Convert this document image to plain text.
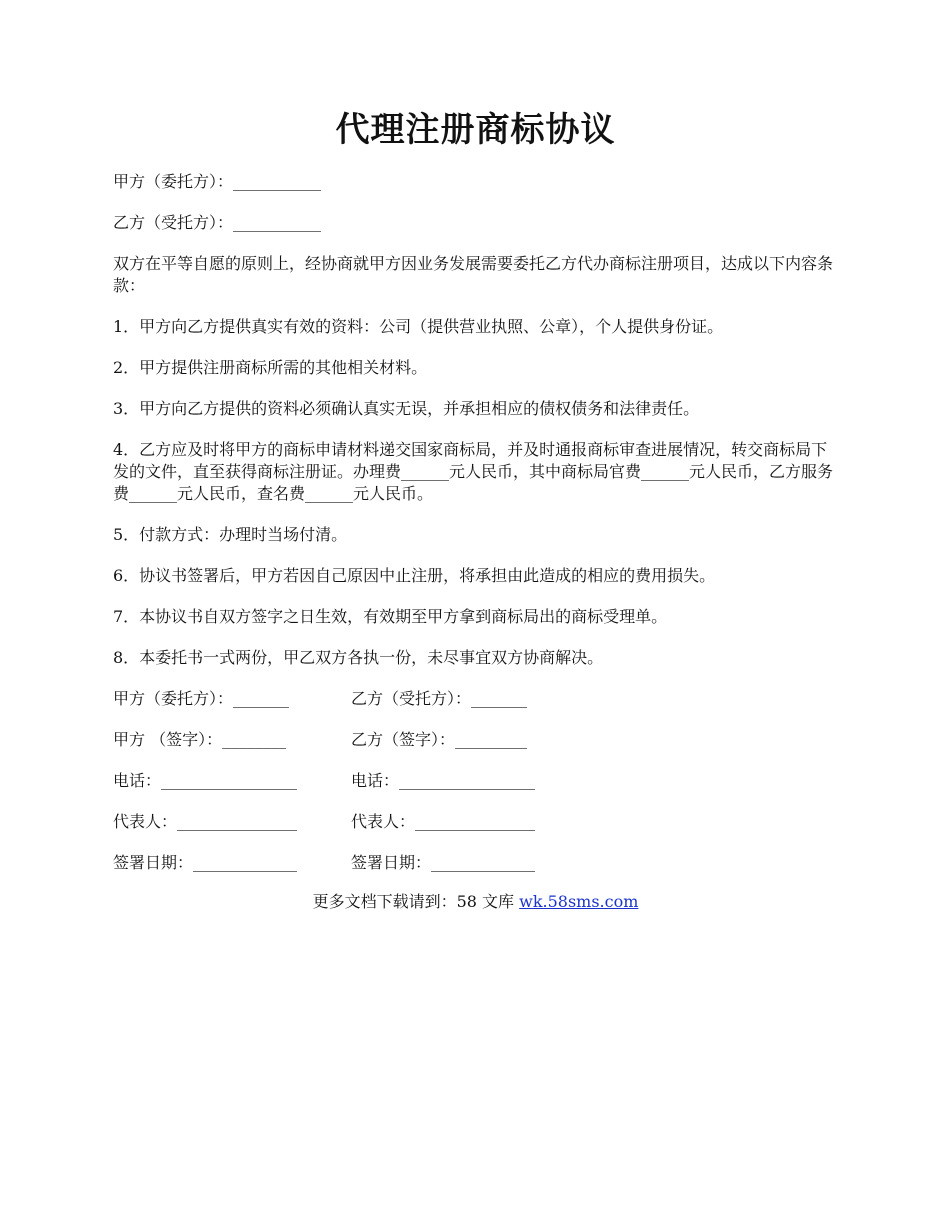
代理注册商标协议

甲方（委托方）：___________

乙方（受托方）：___________

双方在平等自愿的原则上，经协商就甲方因业务发展需要委托乙方代办商标注册项目，达成以下内容条款：

1．甲方向乙方提供真实有效的资料：公司（提供营业执照、公章），个人提供身份证。

2．甲方提供注册商标所需的其他相关材料。

3．甲方向乙方提供的资料必须确认真实无误，并承担相应的债权债务和法律责任。

4．乙方应及时将甲方的商标申请材料递交国家商标局，并及时通报商标审查进展情况，转交商标局下发的文件，直至获得商标注册证。办理费______元人民币，其中商标局官费______元人民币，乙方服务费______元人民币，查名费______元人民币。

5．付款方式：办理时当场付清。

6．协议书签署后，甲方若因自己原因中止注册，将承担由此造成的相应的费用损失。

7．本协议书自双方签字之日生效，有效期至甲方拿到商标局出的商标受理单。

8．本委托书一式两份，甲乙双方各执一份，未尽事宜双方协商解决。

甲方（委托方）：_______	乙方（受托方）：_______
甲方 （签字）：________	乙方（签字）：_________
电话：_________________	电话：_________________
代表人：_______________	代表人：_______________
签署日期：_____________	签署日期：_____________
更多文档下载请到：58 文库 wk.58sms.com
